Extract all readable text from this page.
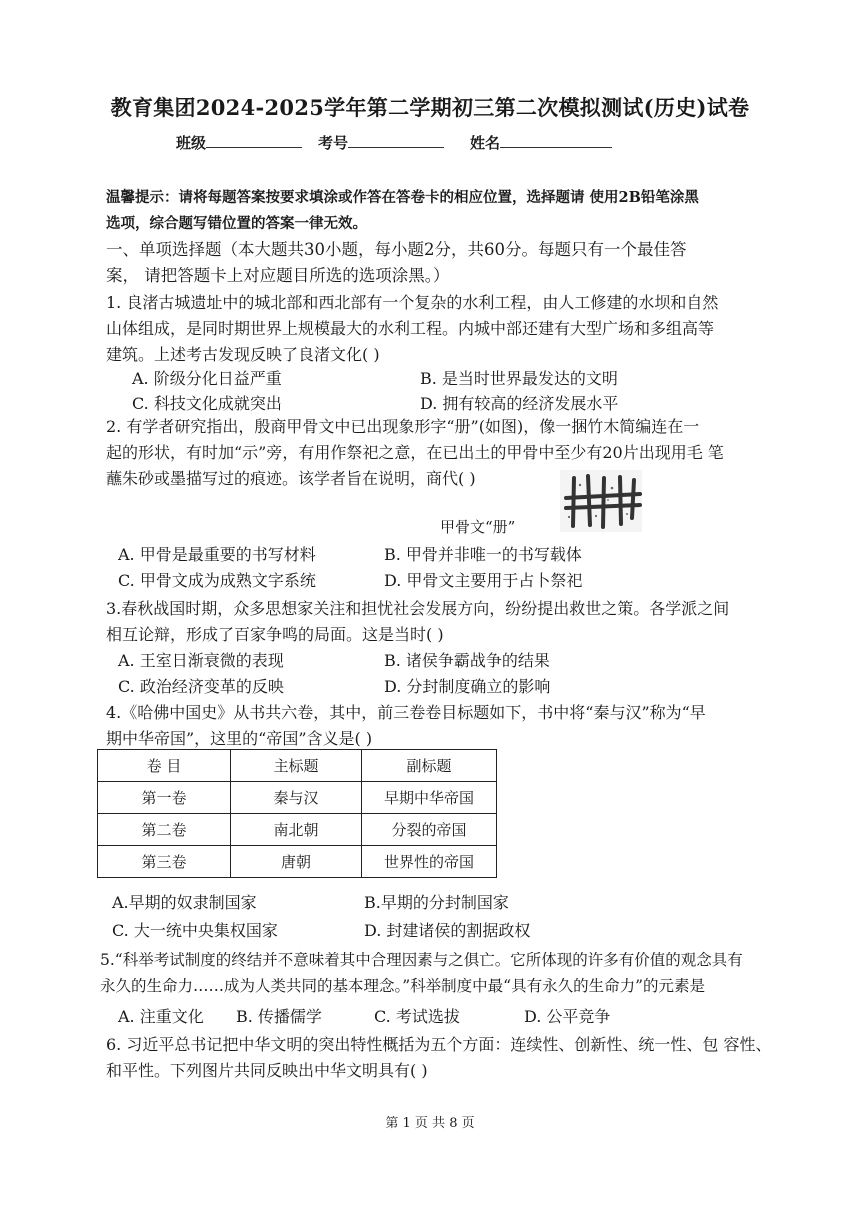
教育集团2024-2025学年第二学期初三第二次模拟测试(历史)试卷
班级	考号	姓名
温馨提示：请将每题答案按要求填涂或作答在答卷卡的相应位置，选择题请 使用2B铅笔涂黑
选项，综合题写错位置的答案一律无效。
一、单项选择题（本大题共30小题，每小题2分，共60分。每题只有一个最佳答
案， 请把答题卡上对应题目所选的选项涂黑。）
1. 良渚古城遗址中的城北部和西北部有一个复杂的水利工程，由人工修建的水坝和自然
山体组成，是同时期世界上规模最大的水利工程。内城中部还建有大型广场和多组高等
建筑。上述考古发现反映了良渚文化( )
A. 阶级分化日益严重	B. 是当时世界最发达的文明
C. 科技文化成就突出	D. 拥有较高的经济发展水平
2. 有学者研究指出，殷商甲骨文中已出现象形字“册”(如图)，像一捆竹木简编连在一
起的形状，有时加“示”旁，有用作祭祀之意，在已出土的甲骨中至少有20片出现用毛 笔
蘸朱砂或墨描写过的痕迹。该学者旨在说明，商代( )
甲骨文“册”
A. 甲骨是最重要的书写材料	B. 甲骨并非唯一的书写载体
C. 甲骨文成为成熟文字系统	D. 甲骨文主要用于占卜祭祀
3.春秋战国时期，众多思想家关注和担忧社会发展方向，纷纷提出救世之策。各学派之间
相互论辩，形成了百家争鸣的局面。这是当时( )
A. 王室日渐衰微的表现	B. 诸侯争霸战争的结果
C. 政治经济变革的反映	D. 分封制度确立的影响
4.《哈佛中国史》从书共六卷，其中，前三卷卷目标题如下，书中将“秦与汉”称为“早
期中华帝国”，这里的“帝国”含义是( )
卷 目	主标题	副标题
第一卷	秦与汉	早期中华帝国
第二卷	南北朝	分裂的帝国
第三卷	唐朝	世界性的帝国
A.早期的奴隶制国家	B.早期的分封制国家
C. 大一统中央集权国家	D. 封建诸侯的割据政权
5.“科举考试制度的终结并不意味着其中合理因素与之俱亡。它所体现的许多有价值的观念具有
永久的生命力……成为人类共同的基本理念。”科举制度中最“具有永久的生命力”的元素是
A. 注重文化 B. 传播儒学	C. 考试选拔	D. 公平竞争
6. 习近平总书记把中华文明的突出特性概括为五个方面：连续性、创新性、统一性、包 容性、
和平性。下列图片共同反映出中华文明具有( )
第 1 页 共 8 页
